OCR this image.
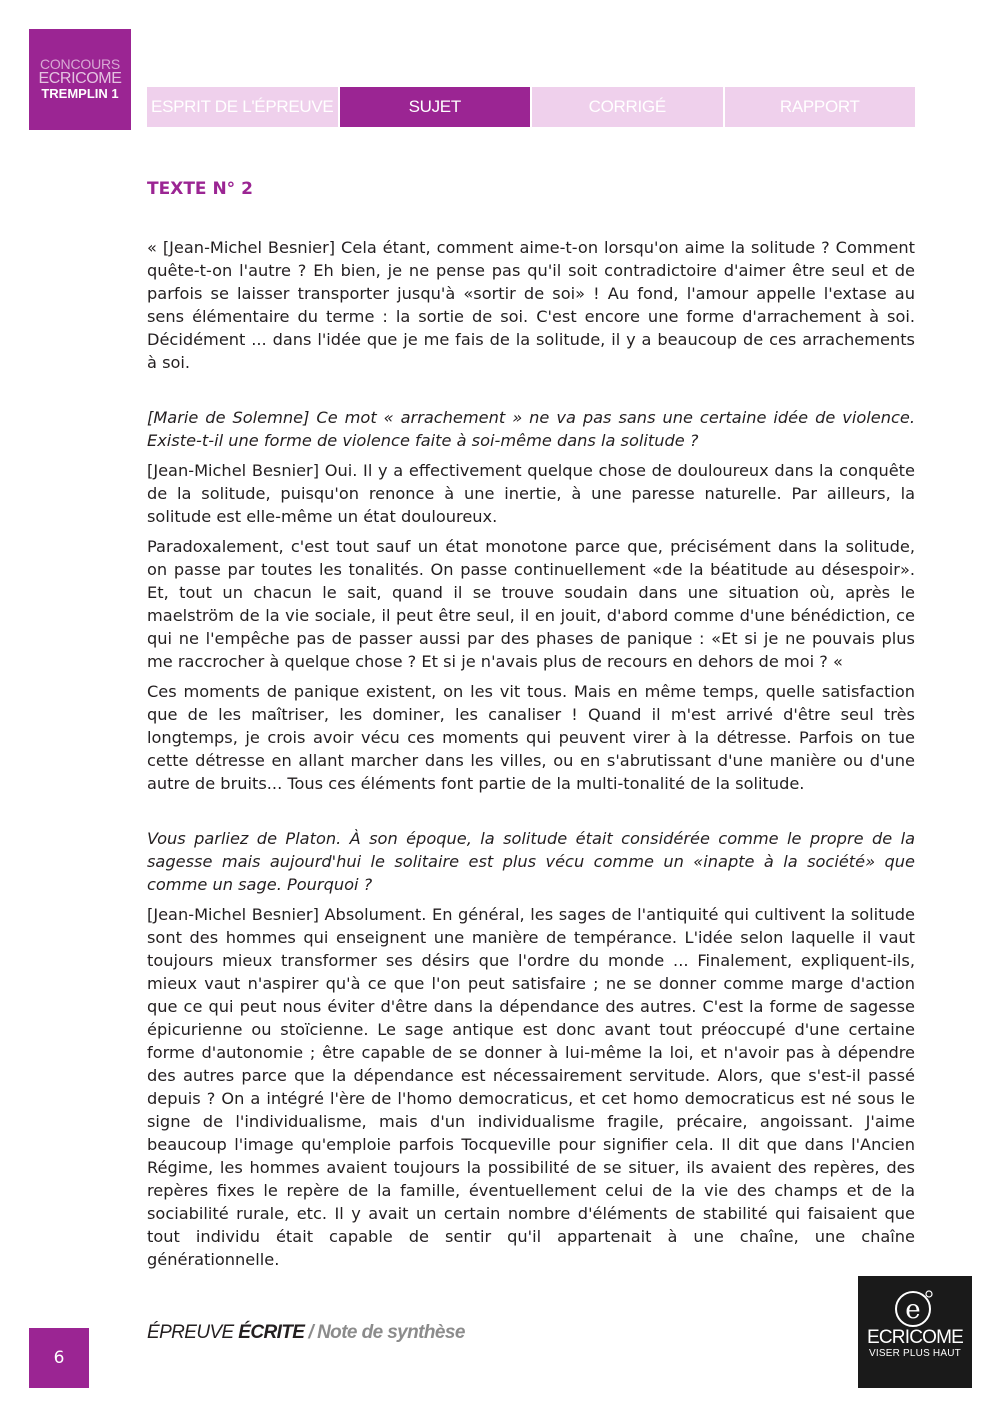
CONCOURS
ECRICOME
TREMPLIN 1
ESPRIT DE L'ÉPREUVE	SUJET	CORRIGÉ	RAPPORT
TEXTE N° 2

« [Jean-Michel Besnier] Cela étant, comment aime-t-on lorsqu'on aime la solitude ? Comment quête-t-on l'autre ? Eh bien, je ne pense pas qu'il soit contradictoire d'aimer être seul et de parfois se laisser transporter jusqu'à «sortir de soi» ! Au fond, l'amour appelle l'extase au sens élémentaire du terme : la sortie de soi. C'est encore une forme d'arrachement à soi. Décidément ... dans l'idée que je me fais de la solitude, il y a beaucoup de ces arrachements à soi.

[Marie de Solemne] Ce mot « arrachement » ne va pas sans une certaine idée de violence. Existe-t-il une forme de violence faite à soi-même dans la solitude ?

[Jean-Michel Besnier] Oui. Il y a effectivement quelque chose de douloureux dans la conquête de la solitude, puisqu'on renonce à une inertie, à une paresse naturelle. Par ailleurs, la solitude est elle-même un état douloureux.

Paradoxalement, c'est tout sauf un état monotone parce que, précisément dans la solitude, on passe par toutes les tonalités. On passe continuellement «de la béatitude au désespoir». Et, tout un chacun le sait, quand il se trouve soudain dans une situation où, après le maelström de la vie sociale, il peut être seul, il en jouit, d'abord comme d'une bénédiction, ce qui ne l'empêche pas de passer aussi par des phases de panique : «Et si je ne pouvais plus me raccrocher à quelque chose ? Et si je n'avais plus de recours en dehors de moi ? «

Ces moments de panique existent, on les vit tous. Mais en même temps, quelle satisfaction que de les maîtriser, les dominer, les canaliser ! Quand il m'est arrivé d'être seul très longtemps, je crois avoir vécu ces moments qui peuvent virer à la détresse. Parfois on tue cette détresse en allant marcher dans les villes, ou en s'abrutissant d'une manière ou d'une autre de bruits... Tous ces éléments font partie de la multi-tonalité de la solitude.

Vous parliez de Platon. À son époque, la solitude était considérée comme le propre de la sagesse mais aujourd'hui le solitaire est plus vécu comme un «inapte à la société» que comme un sage. Pourquoi ?

[Jean-Michel Besnier] Absolument. En général, les sages de l'antiquité qui cultivent la solitude sont des hommes qui enseignent une manière de tempérance. L'idée selon laquelle il vaut toujours mieux transformer ses désirs que l'ordre du monde ... Finalement, expliquent-ils, mieux vaut n'aspirer qu'à ce que l'on peut satisfaire ; ne se donner comme marge d'action que ce qui peut nous éviter d'être dans la dépendance des autres. C'est la forme de sagesse épicurienne ou stoïcienne. Le sage antique est donc avant tout préoccupé d'une certaine forme d'autonomie ; être capable de se donner à lui-même la loi, et n'avoir pas à dépendre des autres parce que la dépendance est nécessairement servitude. Alors, que s'est-il passé depuis ? On a intégré l'ère de l'homo democraticus, et cet homo democraticus est né sous le signe de l'individualisme, mais d'un individualisme fragile, précaire, angoissant. J'aime beaucoup l'image qu'emploie parfois Tocqueville pour signifier cela. Il dit que dans l'Ancien Régime, les hommes avaient toujours la possibilité de se situer, ils avaient des repères, des repères fixes le repère de la famille, éventuellement celui de la vie des champs et de la sociabilité rurale, etc. Il y avait un certain nombre d'éléments de stabilité qui faisaient que tout individu était capable de sentir qu'il appartenait à une chaîne, une chaîne générationnelle.

6
ÉPREUVE ÉCRITE / Note de synthèse
e
ECRICOME
VISER PLUS HAUT
